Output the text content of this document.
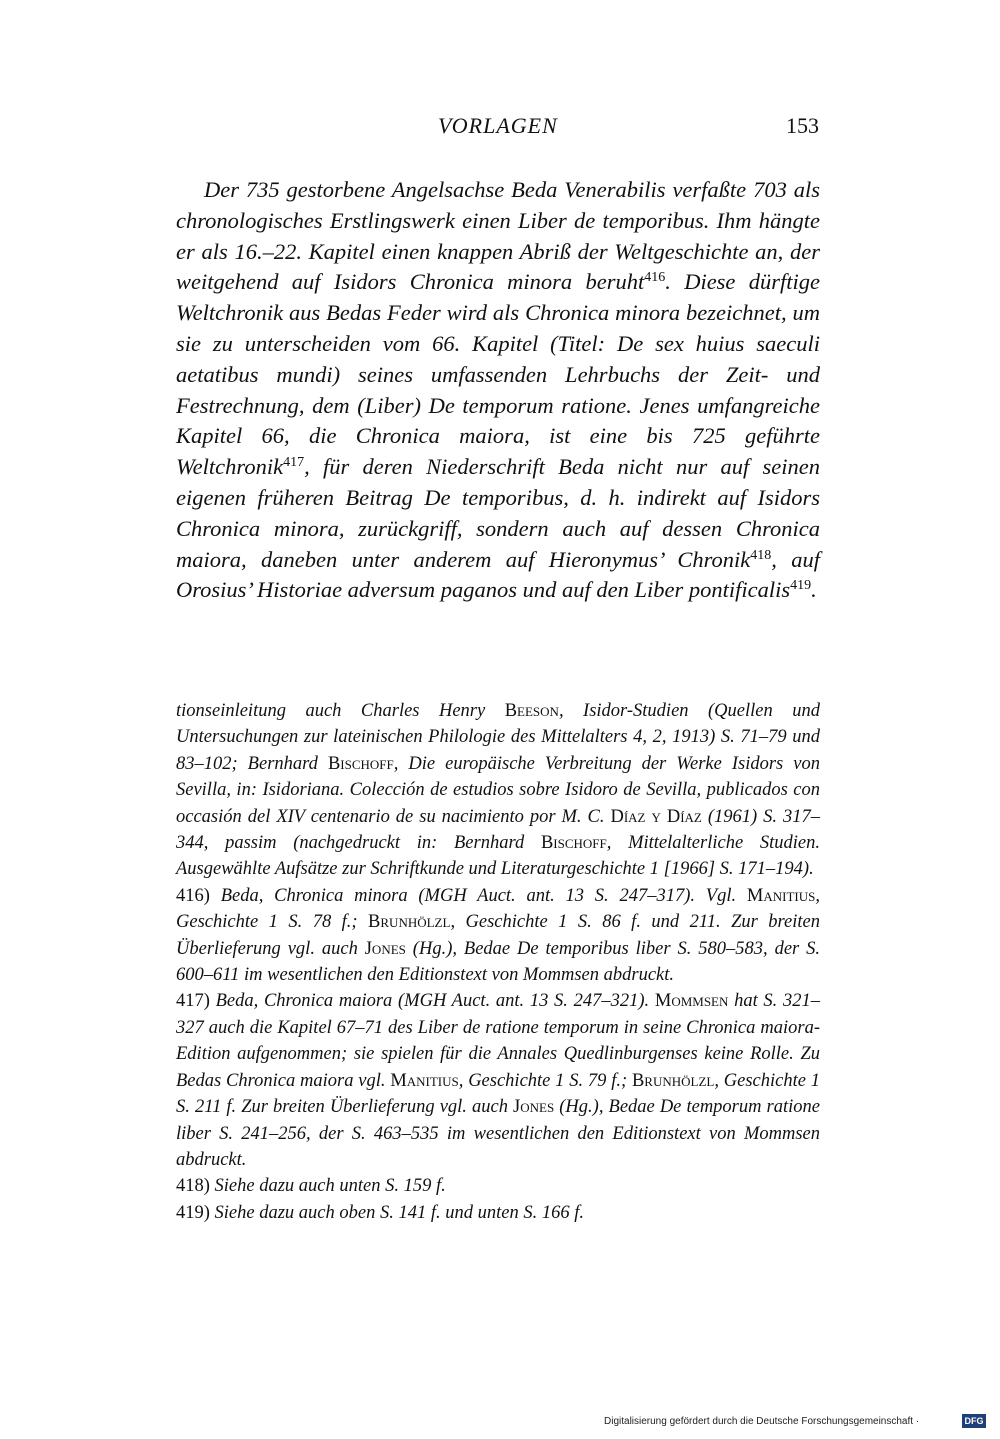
VORLAGEN	153

Der 735 gestorbene Angelsachse Beda Venerabilis verfaßte 703 als chronologisches Erstlingswerk einen Liber de temporibus. Ihm hängte er als 16.–22. Kapitel einen knappen Abriß der Weltgeschichte an, der weitgehend auf Isidors Chronica minora beruht$^{416}$. Diese dürftige Weltchronik aus Bedas Feder wird als Chronica minora bezeichnet, um sie zu unterscheiden vom 66. Kapitel (Titel: De sex huius saeculi aetatibus mundi) seines umfassenden Lehrbuchs der Zeit- und Festrechnung, dem (Liber) De temporum ratione. Jenes umfangreiche Kapitel 66, die Chronica maiora, ist eine bis 725 geführte Weltchronik$^{417}$, für deren Niederschrift Beda nicht nur auf seinen eigenen früheren Beitrag De temporibus, d. h. indirekt auf Isidors Chronica minora, zurückgriff, sondern auch auf dessen Chronica maiora, daneben unter anderem auf Hieronymus’ Chronik$^{418}$, auf Orosius’ Historiae adversum paganos und auf den Liber pontificalis$^{419}$.

tionseinleitung auch Charles Henry Beeson, Isidor-Studien (Quellen und Untersuchungen zur lateinischen Philologie des Mittelalters 4, 2, 1913) S. 71–79 und 83–102; Bernhard Bischoff, Die europäische Verbreitung der Werke Isidors von Sevilla, in: Isidoriana. Colección de estudios sobre Isidoro de Sevilla, publicados con occasión del XIV centenario de su nacimiento por M. C. Díaz y Díaz (1961) S. 317–344, passim (nachgedruckt in: Bernhard Bischoff, Mittelalterliche Studien. Ausgewählte Aufsätze zur Schriftkunde und Literaturgeschichte 1 [1966] S. 171–194).

416) Beda, Chronica minora (MGH Auct. ant. 13 S. 247–317). Vgl. Manitius, Geschichte 1 S. 78 f.; Brunhölzl, Geschichte 1 S. 86 f. und 211. Zur breiten Überlieferung vgl. auch Jones (Hg.), Bedae De temporibus liber S. 580–583, der S. 600–611 im wesentlichen den Editionstext von Mommsen abdruckt.

417) Beda, Chronica maiora (MGH Auct. ant. 13 S. 247–321). Mommsen hat S. 321–327 auch die Kapitel 67–71 des Liber de ratione temporum in seine Chronica maiora-Edition aufgenommen; sie spielen für die Annales Quedlinburgenses keine Rolle. Zu Bedas Chronica maiora vgl. Manitius, Geschichte 1 S. 79 f.; Brunhölzl, Geschichte 1 S. 211 f. Zur breiten Überlieferung vgl. auch Jones (Hg.), Bedae De temporum ratione liber S. 241–256, der S. 463–535 im wesentlichen den Editionstext von Mommsen abdruckt.

418) Siehe dazu auch unten S. 159 f.

419) Siehe dazu auch oben S. 141 f. und unten S. 166 f.

Digitalisierung gefördert durch die Deutsche Forschungsgemeinschaft ·	DFG
